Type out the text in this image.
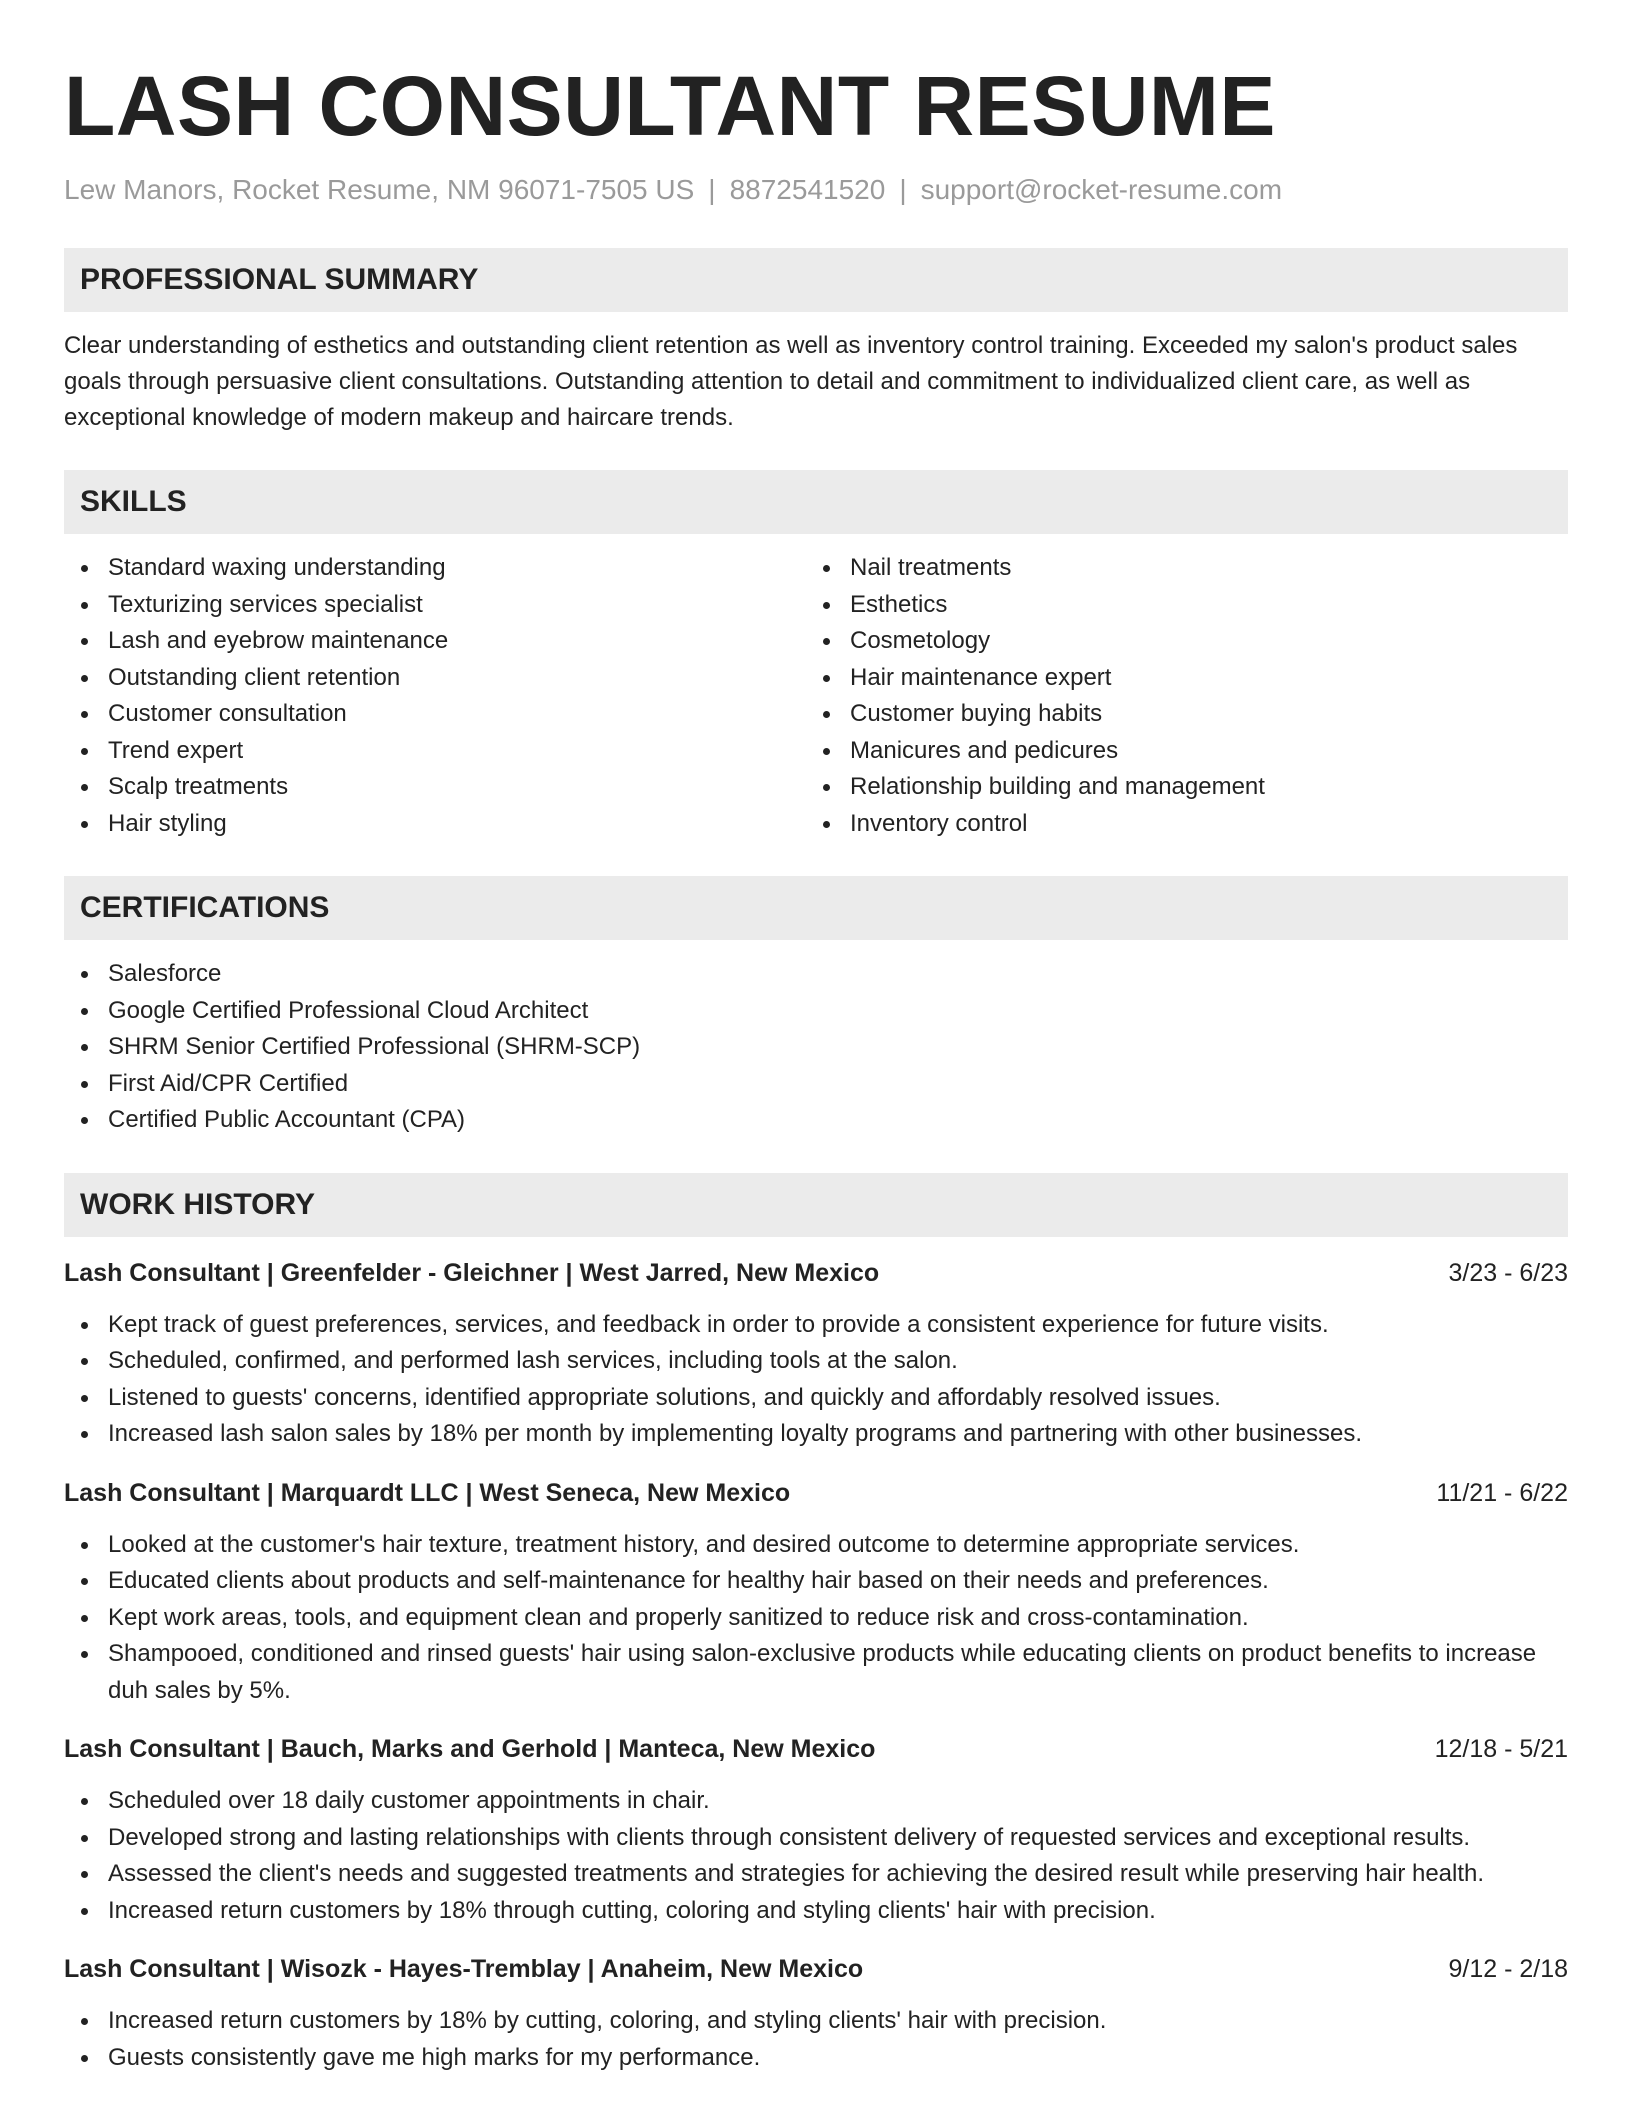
LASH CONSULTANT RESUME
Lew Manors, Rocket Resume, NM 96071-7505 US | 8872541520 | support@rocket-resume.com
PROFESSIONAL SUMMARY
Clear understanding of esthetics and outstanding client retention as well as inventory control training. Exceeded my salon's product sales goals through persuasive client consultations. Outstanding attention to detail and commitment to individualized client care, as well as exceptional knowledge of modern makeup and haircare trends.
SKILLS
Standard waxing understanding
Texturizing services specialist
Lash and eyebrow maintenance
Outstanding client retention
Customer consultation
Trend expert
Scalp treatments
Hair styling
Nail treatments
Esthetics
Cosmetology
Hair maintenance expert
Customer buying habits
Manicures and pedicures
Relationship building and management
Inventory control
CERTIFICATIONS
Salesforce
Google Certified Professional Cloud Architect
SHRM Senior Certified Professional (SHRM-SCP)
First Aid/CPR Certified
Certified Public Accountant (CPA)
WORK HISTORY
Lash Consultant | Greenfelder - Gleichner | West Jarred, New Mexico	3/23 - 6/23
Kept track of guest preferences, services, and feedback in order to provide a consistent experience for future visits.
Scheduled, confirmed, and performed lash services, including tools at the salon.
Listened to guests' concerns, identified appropriate solutions, and quickly and affordably resolved issues.
Increased lash salon sales by 18% per month by implementing loyalty programs and partnering with other businesses.
Lash Consultant | Marquardt LLC | West Seneca, New Mexico	11/21 - 6/22
Looked at the customer's hair texture, treatment history, and desired outcome to determine appropriate services.
Educated clients about products and self-maintenance for healthy hair based on their needs and preferences.
Kept work areas, tools, and equipment clean and properly sanitized to reduce risk and cross-contamination.
Shampooed, conditioned and rinsed guests' hair using salon-exclusive products while educating clients on product benefits to increase duh sales by 5%.
Lash Consultant | Bauch, Marks and Gerhold | Manteca, New Mexico	12/18 - 5/21
Scheduled over 18 daily customer appointments in chair.
Developed strong and lasting relationships with clients through consistent delivery of requested services and exceptional results.
Assessed the client's needs and suggested treatments and strategies for achieving the desired result while preserving hair health.
Increased return customers by 18% through cutting, coloring and styling clients' hair with precision.
Lash Consultant | Wisozk - Hayes-Tremblay | Anaheim, New Mexico	9/12 - 2/18
Increased return customers by 18% by cutting, coloring, and styling clients' hair with precision.
Guests consistently gave me high marks for my performance.
